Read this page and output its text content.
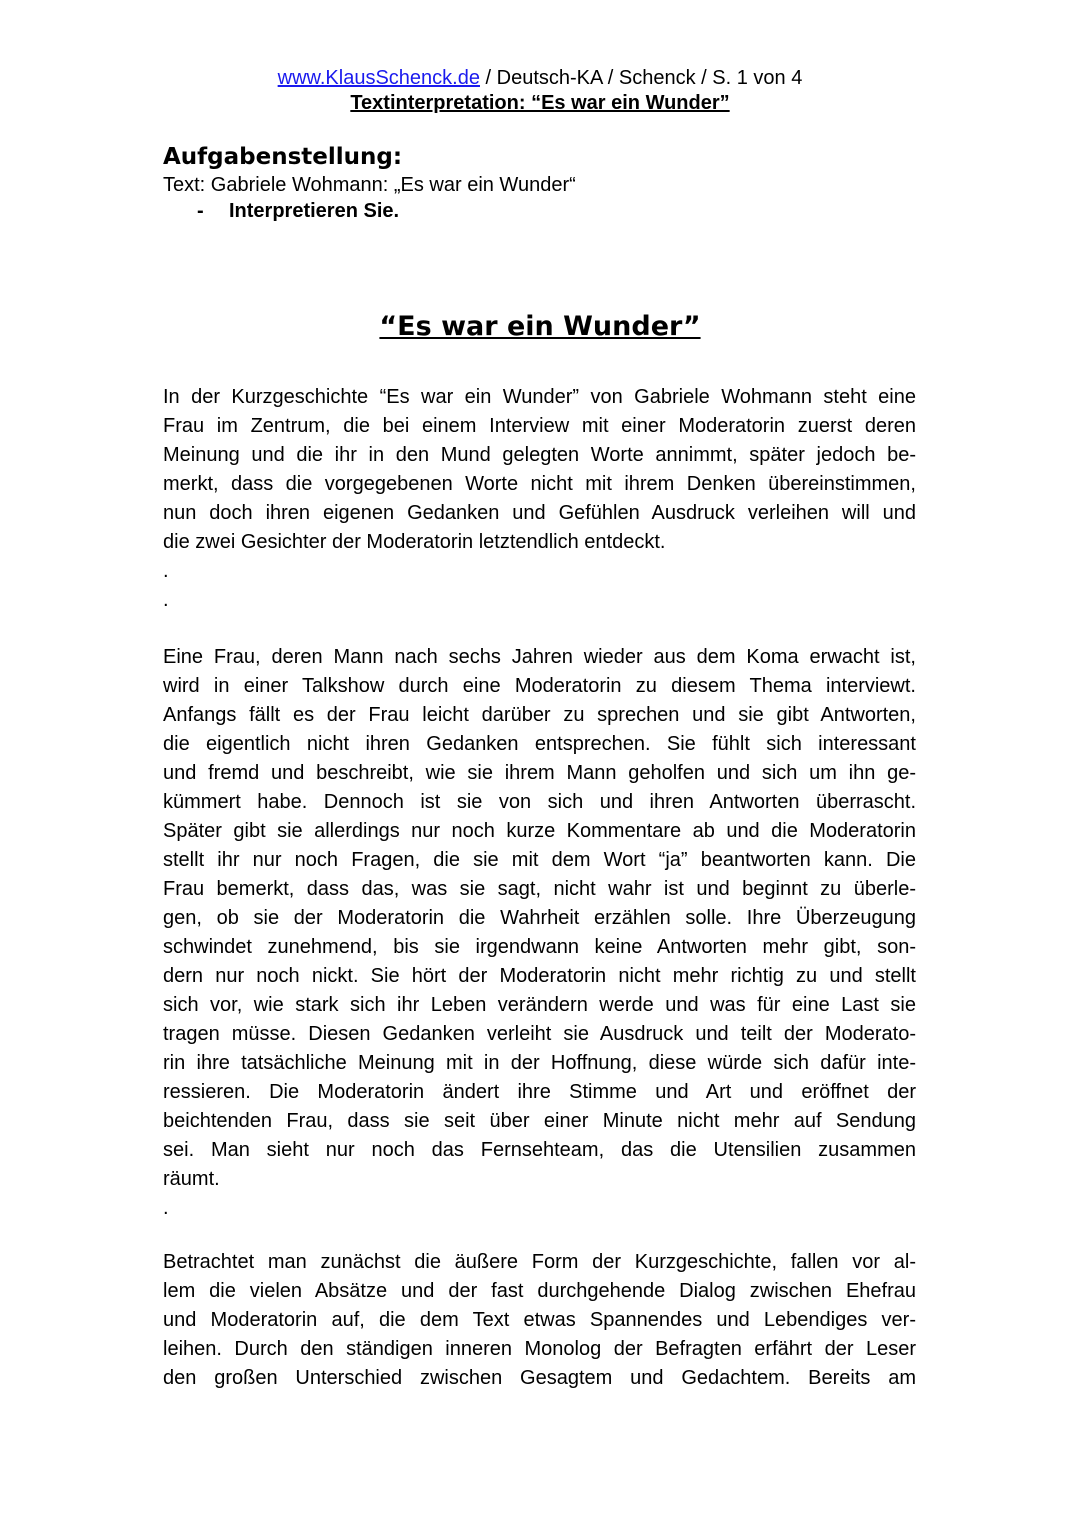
www.KlausSchenck.de / Deutsch-KA / Schenck / S. 1 von 4
Textinterpretation: “Es war ein Wunder”
Aufgabenstellung:
Text: Gabriele Wohmann: „Es war ein Wunder“
- Interpretieren Sie.
“Es war ein Wunder”
In der Kurzgeschichte “Es war ein Wunder” von Gabriele Wohmann steht eine
Frau im Zentrum, die bei einem Interview mit einer Moderatorin zuerst deren
Meinung und die ihr in den Mund gelegten Worte annimmt, später jedoch be-
merkt, dass die vorgegebenen Worte nicht mit ihrem Denken übereinstimmen,
nun doch ihren eigenen Gedanken und Gefühlen Ausdruck verleihen will und
die zwei Gesichter der Moderatorin letztendlich entdeckt.
.
.
Eine Frau, deren Mann nach sechs Jahren wieder aus dem Koma erwacht ist,
wird in einer Talkshow durch eine Moderatorin zu diesem Thema interviewt.
Anfangs fällt es der Frau leicht darüber zu sprechen und sie gibt Antworten,
die eigentlich nicht ihren Gedanken entsprechen. Sie fühlt sich interessant
und fremd und beschreibt, wie sie ihrem Mann geholfen und sich um ihn ge-
kümmert habe. Dennoch ist sie von sich und ihren Antworten überrascht.
Später gibt sie allerdings nur noch kurze Kommentare ab und die Moderatorin
stellt ihr nur noch Fragen, die sie mit dem Wort “ja” beantworten kann. Die
Frau bemerkt, dass das, was sie sagt, nicht wahr ist und beginnt zu überle-
gen, ob sie der Moderatorin die Wahrheit erzählen solle. Ihre Überzeugung
schwindet zunehmend, bis sie irgendwann keine Antworten mehr gibt, son-
dern nur noch nickt. Sie hört der Moderatorin nicht mehr richtig zu und stellt
sich vor, wie stark sich ihr Leben verändern werde und was für eine Last sie
tragen müsse. Diesen Gedanken verleiht sie Ausdruck und teilt der Moderato-
rin ihre tatsächliche Meinung mit in der Hoffnung, diese würde sich dafür inte-
ressieren. Die Moderatorin ändert ihre Stimme und Art und eröffnet der
beichtenden Frau, dass sie seit über einer Minute nicht mehr auf Sendung
sei. Man sieht nur noch das Fernsehteam, das die Utensilien zusammen
räumt.
.
Betrachtet man zunächst die äußere Form der Kurzgeschichte, fallen vor al-
lem die vielen Absätze und der fast durchgehende Dialog zwischen Ehefrau
und Moderatorin auf, die dem Text etwas Spannendes und Lebendiges ver-
leihen. Durch den ständigen inneren Monolog der Befragten erfährt der Leser
den großen Unterschied zwischen Gesagtem und Gedachtem. Bereits am
